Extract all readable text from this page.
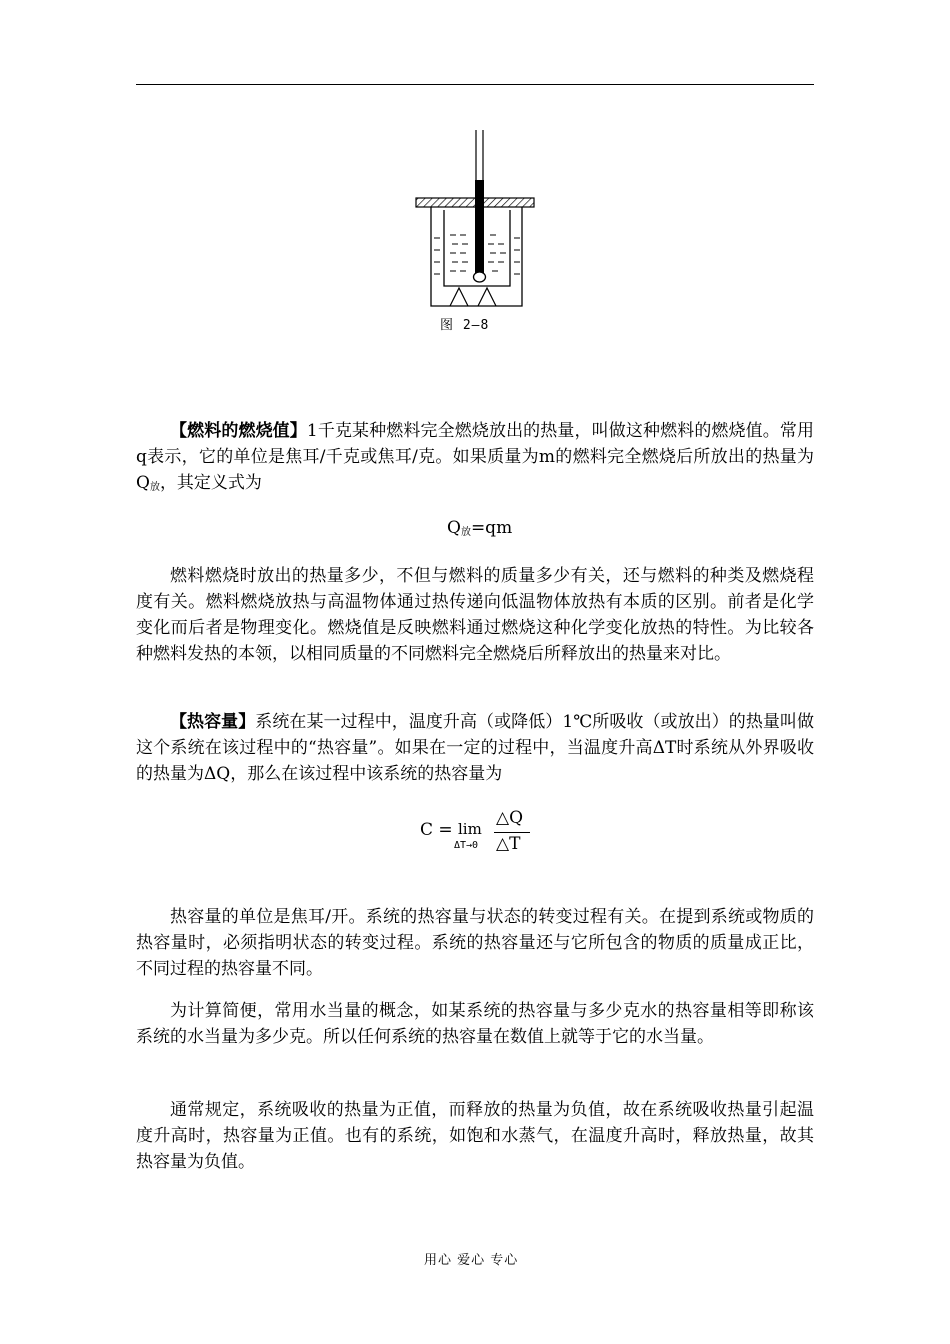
图 2—8

【燃料的燃烧值】1千克某种燃料完全燃烧放出的热量，叫做这种燃料的燃烧值。常用q表示，它的单位是焦耳/千克或焦耳/克。如果质量为m的燃料完全燃烧后所放出的热量为$Q_放$，其定义式为

$Q_放=qm$

燃料燃烧时放出的热量多少，不但与燃料的质量多少有关，还与燃料的种类及燃烧程度有关。燃料燃烧放热与高温物体通过热传递向低温物体放热有本质的区别。前者是化学变化而后者是物理变化。燃烧值是反映燃料通过燃烧这种化学变化放热的特性。为比较各种燃料发热的本领，以相同质量的不同燃料完全燃烧后所释放出的热量来对比。

【热容量】系统在某一过程中，温度升高（或降低）1℃所吸收（或放出）的热量叫做这个系统在该过程中的“热容量”。如果在一定的过程中，当温度升高ΔT时系统从外界吸收的热量为ΔQ，那么在该过程中该系统的热容量为

C = lim
ΔT→0
△Q
△T

热容量的单位是焦耳/开。系统的热容量与状态的转变过程有关。在提到系统或物质的热容量时，必须指明状态的转变过程。系统的热容量还与它所包含的物质的质量成正比，不同过程的热容量不同。

为计算简便，常用水当量的概念，如某系统的热容量与多少克水的热容量相等即称该系统的水当量为多少克。所以任何系统的热容量在数值上就等于它的水当量。

通常规定，系统吸收的热量为正值，而释放的热量为负值，故在系统吸收热量引起温度升高时，热容量为正值。也有的系统，如饱和水蒸气，在温度升高时，释放热量，故其热容量为负值。

用心 爱心 专心
